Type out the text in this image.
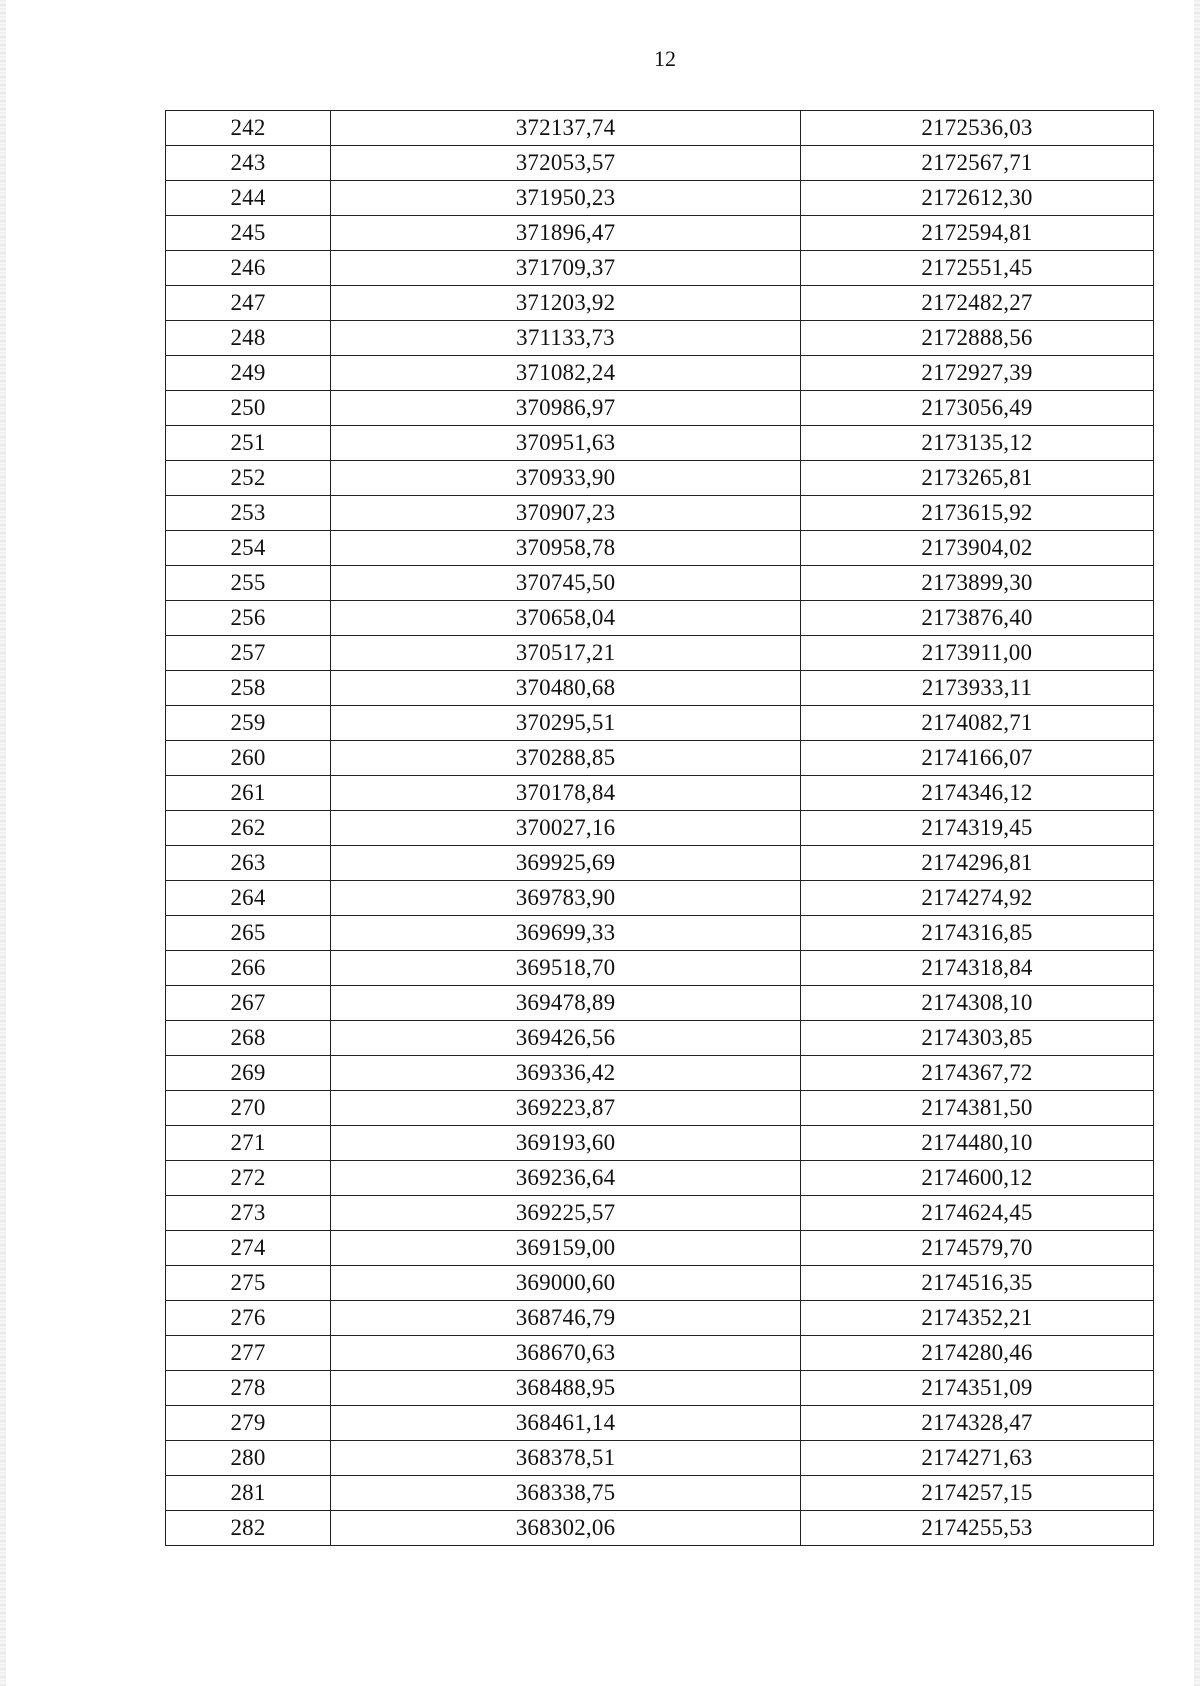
12
242	372137,74	2172536,03
243	372053,57	2172567,71
244	371950,23	2172612,30
245	371896,47	2172594,81
246	371709,37	2172551,45
247	371203,92	2172482,27
248	371133,73	2172888,56
249	371082,24	2172927,39
250	370986,97	2173056,49
251	370951,63	2173135,12
252	370933,90	2173265,81
253	370907,23	2173615,92
254	370958,78	2173904,02
255	370745,50	2173899,30
256	370658,04	2173876,40
257	370517,21	2173911,00
258	370480,68	2173933,11
259	370295,51	2174082,71
260	370288,85	2174166,07
261	370178,84	2174346,12
262	370027,16	2174319,45
263	369925,69	2174296,81
264	369783,90	2174274,92
265	369699,33	2174316,85
266	369518,70	2174318,84
267	369478,89	2174308,10
268	369426,56	2174303,85
269	369336,42	2174367,72
270	369223,87	2174381,50
271	369193,60	2174480,10
272	369236,64	2174600,12
273	369225,57	2174624,45
274	369159,00	2174579,70
275	369000,60	2174516,35
276	368746,79	2174352,21
277	368670,63	2174280,46
278	368488,95	2174351,09
279	368461,14	2174328,47
280	368378,51	2174271,63
281	368338,75	2174257,15
282	368302,06	2174255,53
